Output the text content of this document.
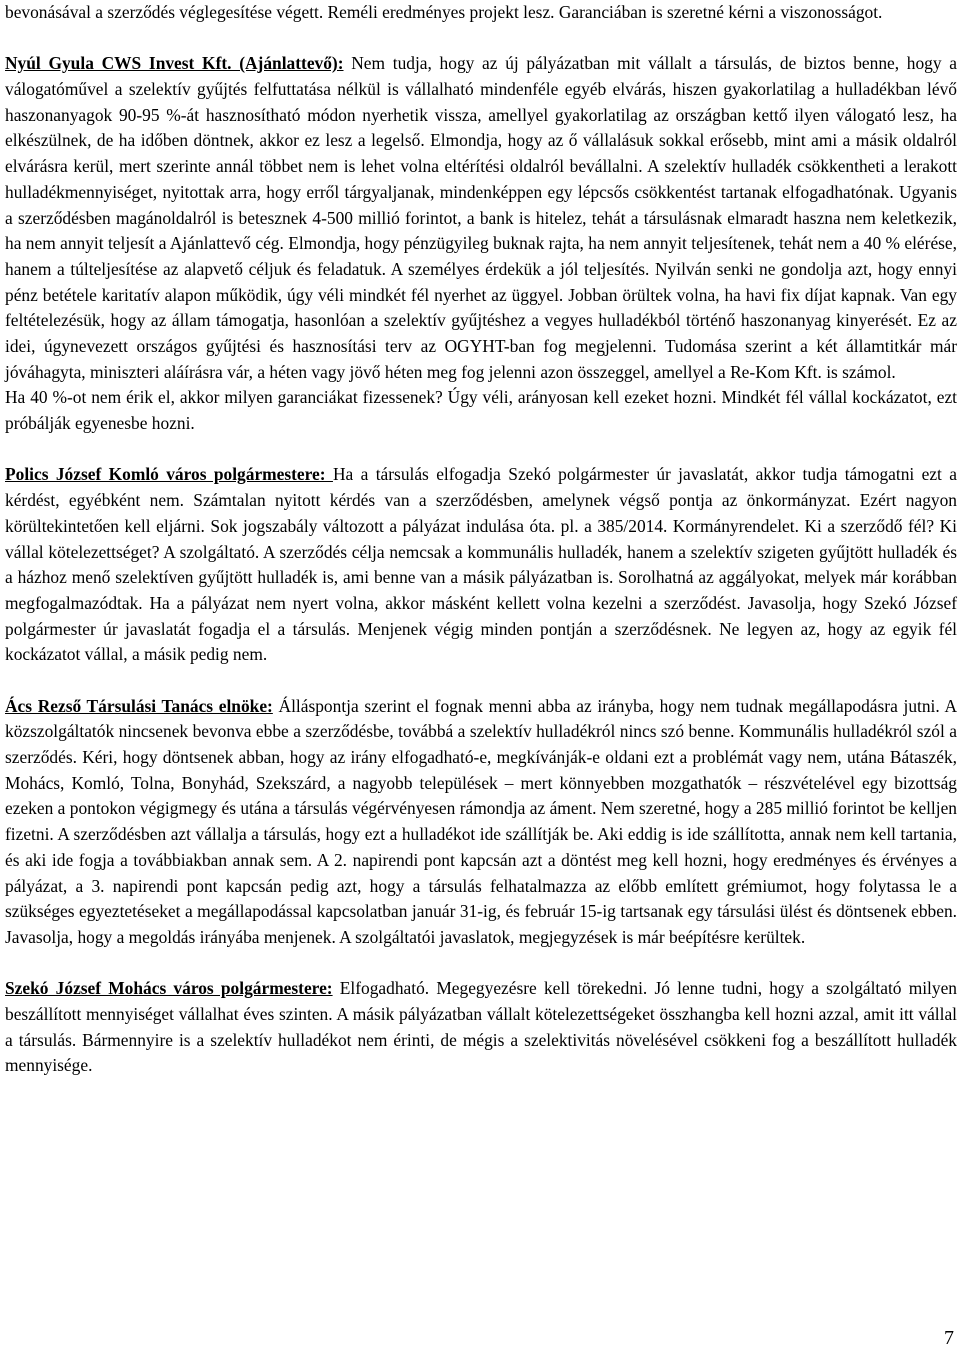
bevonásával a szerződés véglegesítése végett. Reméli eredményes projekt lesz. Garanciában is szeretné kérni a viszonosságot.

Nyúl Gyula CWS Invest Kft. (Ajánlattevő): Nem tudja, hogy az új pályázatban mit vállalt a társulás, de biztos benne, hogy a válogatóművel a szelektív gyűjtés felfuttatása nélkül is vállalható mindenféle egyéb elvárás, hiszen gyakorlatilag a hulladékban lévő haszonanyagok 90-95 %-át hasznosítható módon nyerhetik vissza, amellyel gyakorlatilag az országban kettő ilyen válogató lesz, ha elkészülnek, de ha időben döntnek, akkor ez lesz a legelső. Elmondja, hogy az ő vállalásuk sokkal erősebb, mint ami a másik oldalról elvárásra kerül, mert szerinte annál többet nem is lehet volna eltérítési oldalról bevállalni. A szelektív hulladék csökkentheti a lerakott hulladékmennyiséget, nyitottak arra, hogy erről tárgyaljanak, mindenképpen egy lépcsős csökkentést tartanak elfogadhatónak. Ugyanis a szerződésben magánoldalról is betesznek 4-500 millió forintot, a bank is hitelez, tehát a társulásnak elmaradt haszna nem keletkezik, ha nem annyit teljesít a Ajánlattevő cég. Elmondja, hogy pénzügyileg buknak rajta, ha nem annyit teljesítenek, tehát nem a 40 % elérése, hanem a túlteljesítése az alapvető céljuk és feladatuk. A személyes érdekük a jól teljesítés. Nyilván senki ne gondolja azt, hogy ennyi pénz betétele karitatív alapon működik, úgy véli mindkét fél nyerhet az üggyel. Jobban örültek volna, ha havi fix díjat kapnak. Van egy feltételezésük, hogy az állam támogatja, hasonlóan a szelektív gyűjtéshez a vegyes hulladékból történő haszonanyag kinyerését. Ez az idei, úgynevezett országos gyűjtési és hasznosítási terv az OGYHT-ban fog megjelenni. Tudomása szerint a két államtitkár már jóváhagyta, miniszteri aláírásra vár, a héten vagy jövő héten meg fog jelenni azon összeggel, amellyel a Re-Kom Kft. is számol.

Ha 40 %-ot nem érik el, akkor milyen garanciákat fizessenek? Úgy véli, arányosan kell ezeket hozni. Mindkét fél vállal kockázatot, ezt próbálják egyenesbe hozni.

Polics József Komló város polgármestere: Ha a társulás elfogadja Szekó polgármester úr javaslatát, akkor tudja támogatni ezt a kérdést, egyébként nem. Számtalan nyitott kérdés van a szerződésben, amelynek végső pontja az önkormányzat. Ezért nagyon körültekintetően kell eljárni. Sok jogszabály változott a pályázat indulása óta. pl. a 385/2014. Kormányrendelet. Ki a szerződő fél? Ki vállal kötelezettséget? A szolgáltató. A szerződés célja nemcsak a kommunális hulladék, hanem a szelektív szigeten gyűjtött hulladék és a házhoz menő szelektíven gyűjtött hulladék is, ami benne van a másik pályázatban is. Sorolhatná az aggályokat, melyek már korábban megfogalmazódtak. Ha a pályázat nem nyert volna, akkor másként kellett volna kezelni a szerződést. Javasolja, hogy Szekó József polgármester úr javaslatát fogadja el a társulás. Menjenek végig minden pontján a szerződésnek. Ne legyen az, hogy az egyik fél kockázatot vállal, a másik pedig nem.

Ács Rezső Társulási Tanács elnöke: Álláspontja szerint el fognak menni abba az irányba, hogy nem tudnak megállapodásra jutni. A közszolgáltatók nincsenek bevonva ebbe a szerződésbe, továbbá a szelektív hulladékról nincs szó benne. Kommunális hulladékról szól a szerződés. Kéri, hogy döntsenek abban, hogy az irány elfogadható-e, megkívánják-e oldani ezt a problémát vagy nem, utána Bátaszék, Mohács, Komló, Tolna, Bonyhád, Szekszárd, a nagyobb települések – mert könnyebben mozgathatók – részvételével egy bizottság ezeken a pontokon végigmegy és utána a társulás végérvényesen rámondja az áment. Nem szeretné, hogy a 285 millió forintot be kelljen fizetni. A szerződésben azt vállalja a társulás, hogy ezt a hulladékot ide szállítják be. Aki eddig is ide szállította, annak nem kell tartania, és aki ide fogja a továbbiakban annak sem. A 2. napirendi pont kapcsán azt a döntést meg kell hozni, hogy eredményes és érvényes a pályázat, a 3. napirendi pont kapcsán pedig azt, hogy a társulás felhatalmazza az előbb említett grémiumot, hogy folytassa le a szükséges egyeztetéseket a megállapodással kapcsolatban január 31-ig, és február 15-ig tartsanak egy társulási ülést és döntsenek ebben. Javasolja, hogy a megoldás irányába menjenek. A szolgáltatói javaslatok, megjegyzések is már beépítésre kerültek.

Szekó József Mohács város polgármestere: Elfogadható. Megegyezésre kell törekedni. Jó lenne tudni, hogy a szolgáltató milyen beszállított mennyiséget vállalhat éves szinten. A másik pályázatban vállalt kötelezettségeket összhangba kell hozni azzal, amit itt vállal a társulás. Bármennyire is a szelektív hulladékot nem érinti, de mégis a szelektivitás növelésével csökkeni fog a beszállított hulladék mennyisége.

7
